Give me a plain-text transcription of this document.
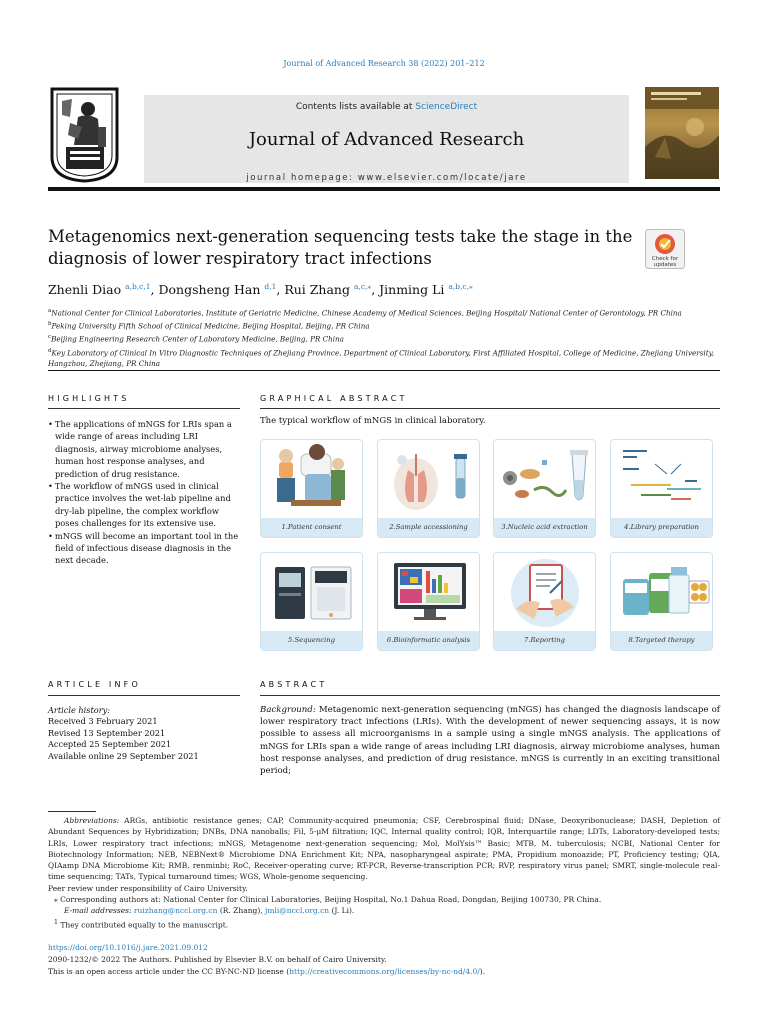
Journal of Advanced Research 38 (2022) 201–212
Contents lists available at ScienceDirect
Journal of Advanced Research
journal homepage: www.elsevier.com/locate/jare
Metagenomics next-generation sequencing tests take the stage in the diagnosis of lower respiratory tract infections	Check for
updates
Zhenli Diao $^{a,b,c,1}$, Dongsheng Han $^{d,1}$, Rui Zhang $^{a,c,⁎}$, Jinming Li $^{a,b,c,⁎}$
$^a$National Center for Clinical Laboratories, Institute of Geriatric Medicine, Chinese Academy of Medical Sciences, Beijing Hospital/ National Center of Gerontology, PR China
$^b$Peking University Fifth School of Clinical Medicine, Beijing Hospital, Beijing, PR China
$^c$Beijing Engineering Research Center of Laboratory Medicine, Beijing, PR China
$^d$Key Laboratory of Clinical In Vitro Diagnostic Techniques of Zhejiang Province, Department of Clinical Laboratory, First Affiliated Hospital, College of Medicine, Zhejiang University, Hangzhou, Zhejiang, PR China
HIGHLIGHTS
• The applications of mNGS for LRIs span a wide range of areas including LRI diagnosis, airway microbiome analyses, human host response analyses, and prediction of drug resistance.
• The workflow of mNGS used in clinical practice involves the wet-lab pipeline and dry-lab pipeline, the complex workflow poses challenges for its extensive use.
• mNGS will become an important tool in the field of infectious disease diagnosis in the next decade.
GRAPHICAL ABSTRACT
The typical workflow of mNGS in clinical laboratory.
1.Patient consent	2.Sample accessioning	3.Nucleic acid extraction	4.Library preparation
5.Sequencing	6.Bioinformatic analysis	7.Reporting	8.Targeted therapy
ARTICLE INFO
Article history:
Received 3 February 2021
Revised 13 September 2021
Accepted 25 September 2021
Available online 29 September 2021
ABSTRACT
Background: Metagenomic next-generation sequencing (mNGS) has changed the diagnosis landscape of lower respiratory tract infections (LRIs). With the development of newer sequencing assays, it is now possible to assess all microorganisms in a sample using a single mNGS analysis. The applications of mNGS for LRIs span a wide range of areas including LRI diagnosis, airway microbiome analyses, human host response analyses, and prediction of drug resistance. mNGS is currently in an exciting transitional period;
Abbreviations: ARGs, antibiotic resistance genes; CAP, Community-acquired pneumonia; CSF, Cerebrospinal fluid; DNase, Deoxyribonuclease; DASH, Depletion of Abundant Sequences by Hybridization; DNBs, DNA nanoballs; Fil, 5-μM filtration; IQC, Internal quality control; IQR, Interquartile range; LDTs, Laboratory-developed tests; LRIs, Lower respiratory tract infections; mNGS, Metagenome next-generation sequencing; Mol, MolYsis™ Basic; MTB, M. tuberculosis; NCBI, National Center for Biotechnology Information; NEB, NEBNext® Microbiome DNA Enrichment Kit; NPA, nasopharyngeal aspirate; PMA, Propidium monoazide; PT, Proficiency testing; QIA, QIAamp DNA Microbiome Kit; RMB, renminbi; RoC, Receiver-operating curve; RT-PCR, Reverse-transcription PCR; RVP, respiratory virus panel; SMRT, single-molecule real-time sequencing; TATs, Typical turnaround times; WGS, Whole-genome sequencing.
Peer review under responsibility of Cairo University.
⁎ Corresponding authors at: National Center for Clinical Laboratories, Beijing Hospital, No.1 Dahua Road, Dongdan, Beijing 100730, PR China.
E-mail addresses: ruizhang@nccl.org.cn (R. Zhang), jmli@nccl.org.cn (J. Li).
$^1$ They contributed equally to the manuscript.
https://doi.org/10.1016/j.jare.2021.09.012
2090-1232/© 2022 The Authors. Published by Elsevier B.V. on behalf of Cairo University.
This is an open access article under the CC BY-NC-ND license (http://creativecommons.org/licenses/by-nc-nd/4.0/).
